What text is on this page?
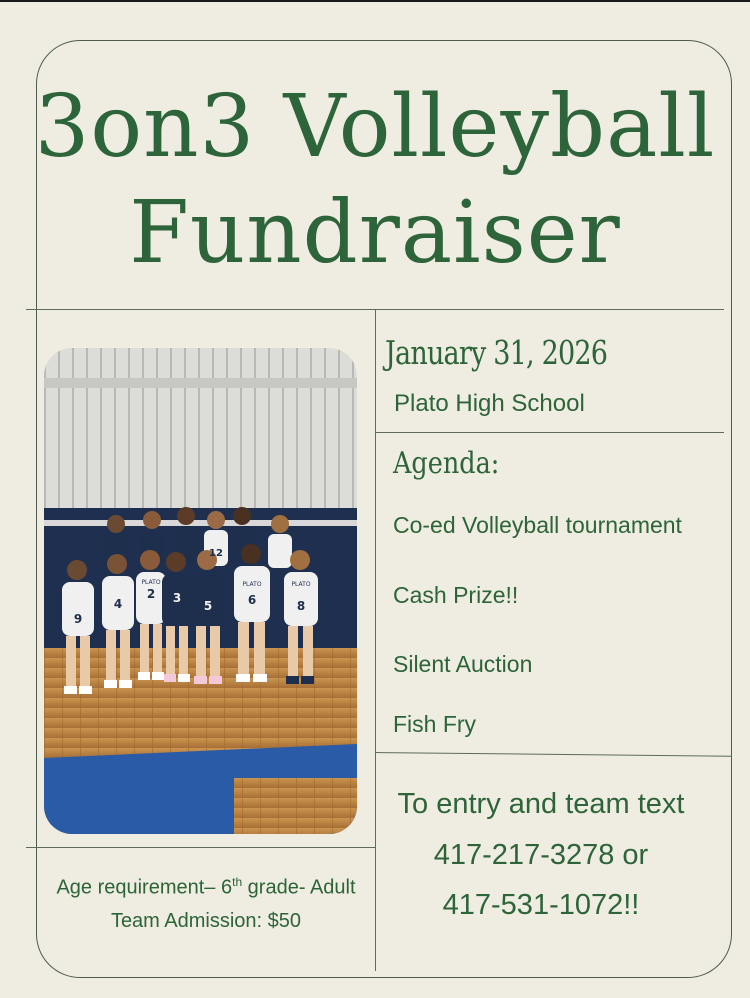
3on3 Volleyball
Fundraiser
9
4
2 3
5	6	8
12
PLATO	PLATO	PLATO
January 31, 2026
Plato High School
Agenda:
Co-ed Volleyball tournament
Cash Prize!!
Silent Auction
Fish Fry
To entry and team text
417-217-3278 or
417-531-1072!!
Age requirement– 6th grade- Adult
Team Admission: $50
